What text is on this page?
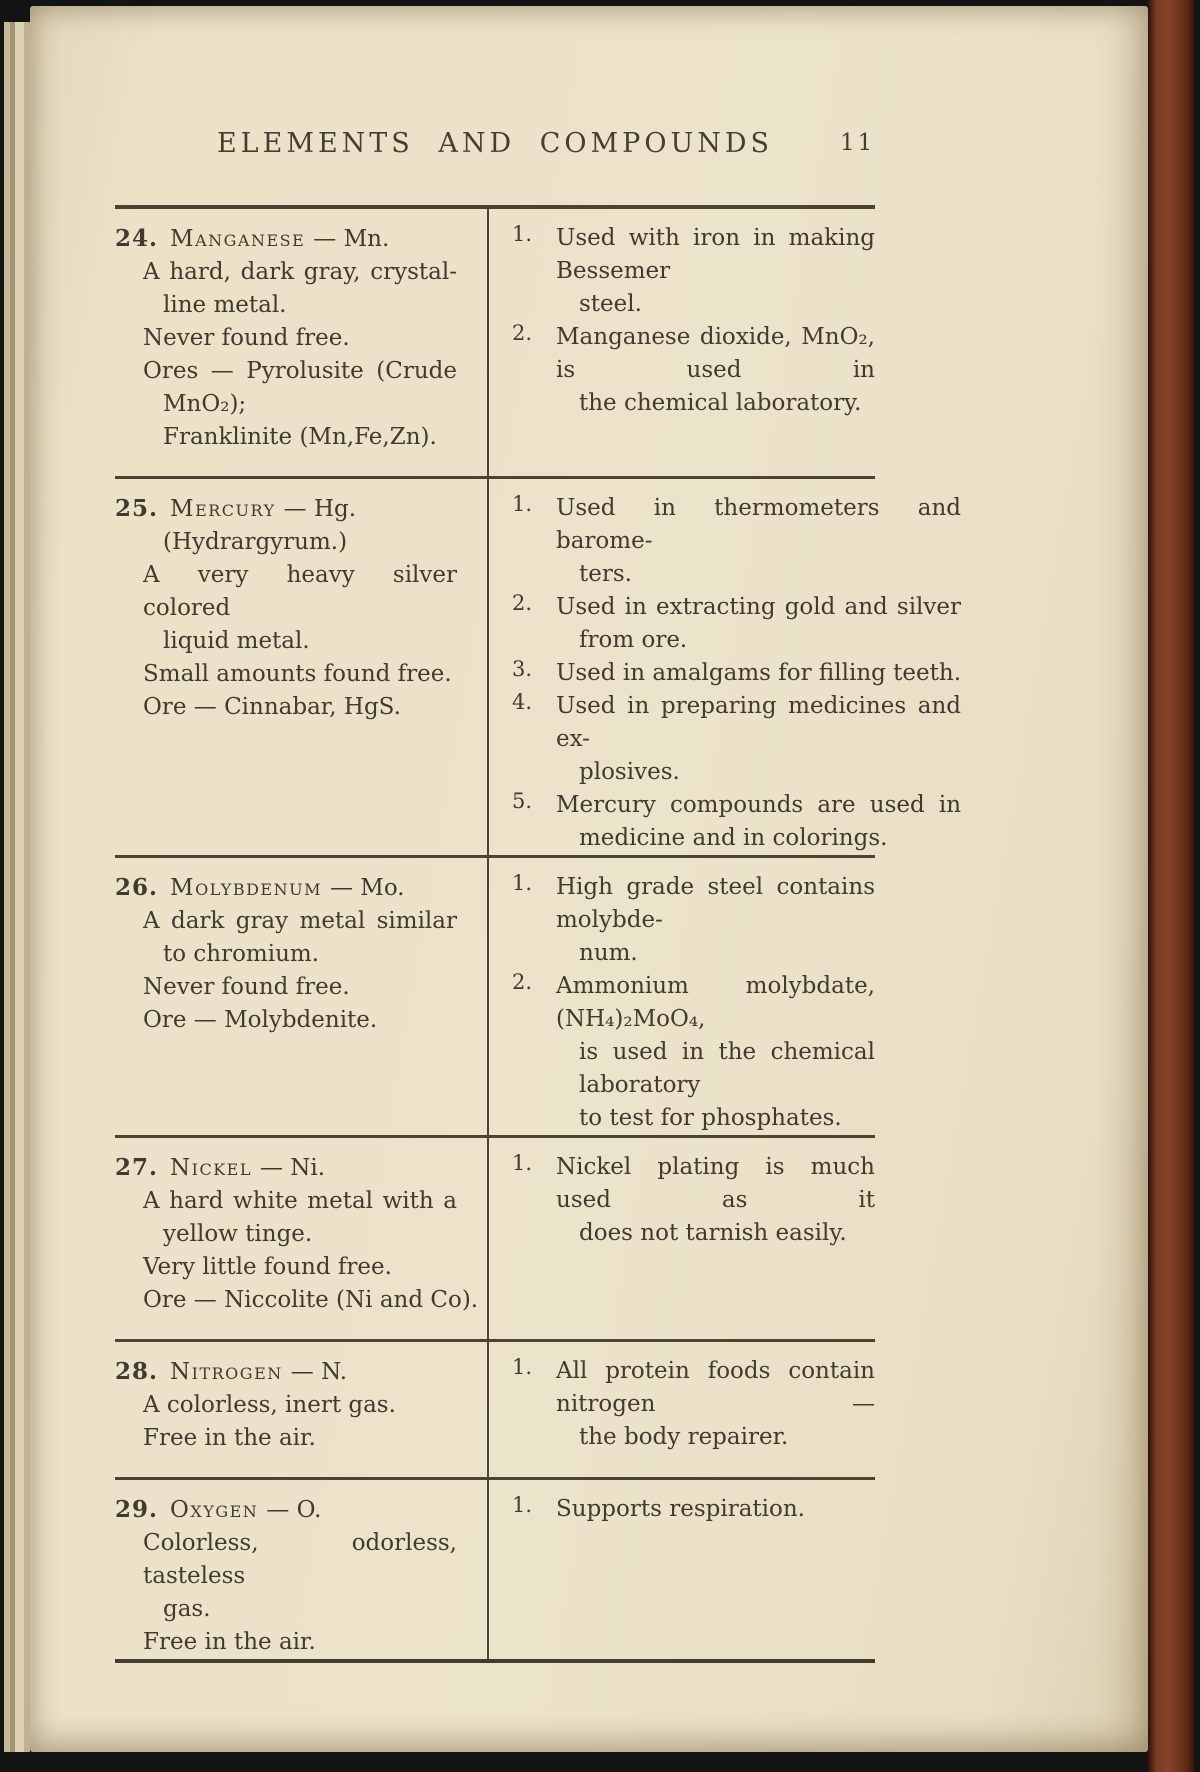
ELEMENTS AND COMPOUNDS	11
24. Manganese — Mn.
A hard, dark gray, crystal-
line metal.
Never found free.
Ores — Pyrolusite (Crude
MnO₂);
Franklinite (Mn,Fe,Zn).
1.	Used with iron in making Bessemer
steel.
2.	Manganese dioxide, MnO₂, is used in
the chemical laboratory.
25. Mercury — Hg.
(Hydrargyrum.)
A very heavy silver colored
liquid metal.
Small amounts found free.
Ore — Cinnabar, HgS.
1.	Used in thermometers and barome-
ters.
2.	Used in extracting gold and silver
from ore.
3.	Used in amalgams for filling teeth.
4.	Used in preparing medicines and ex-
plosives.
5.	Mercury compounds are used in
medicine and in colorings.
26. Molybdenum — Mo.
A dark gray metal similar
to chromium.
Never found free.
Ore — Molybdenite.
1.	High grade steel contains molybde-
num.
2.	Ammonium molybdate, (NH₄)₂MoO₄,
is used in the chemical laboratory
to test for phosphates.
27. Nickel — Ni.
A hard white metal with a
yellow tinge.
Very little found free.
Ore — Niccolite (Ni and Co).
1.	Nickel plating is much used as it
does not tarnish easily.
28. Nitrogen — N.
A colorless, inert gas.
Free in the air.
1.	All protein foods contain nitrogen —
the body repairer.
29. Oxygen — O.
Colorless, odorless, tasteless
gas.
Free in the air.
1.	Supports respiration.
